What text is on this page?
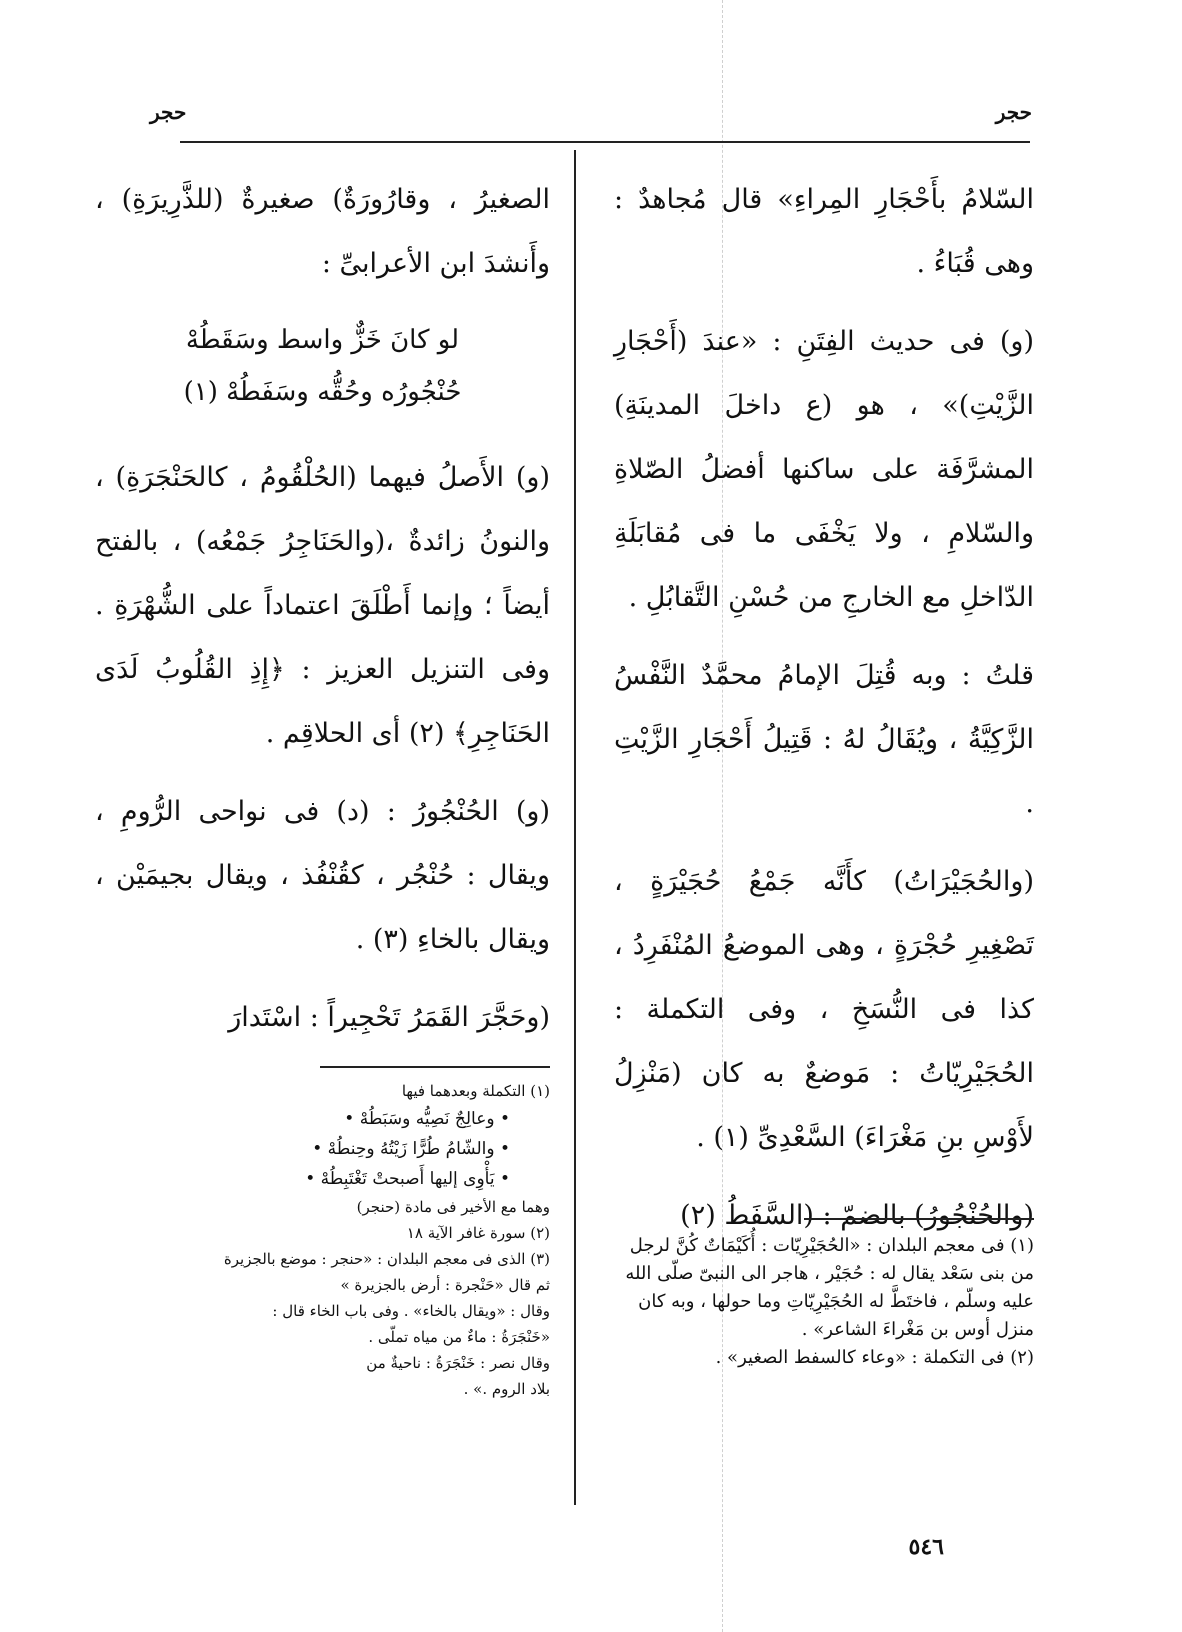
حجر
حجر

السّلامُ بأَحْجَارِ المِراءِ» قال مُجاهدٌ : وهى قُبَاءُ .

(و) فى حديث الفِتَنِ : «عندَ (أَحْجَارِ الزَّيْتِ)» ، هو (ع داخلَ المدينَةِ) المشرَّفَة على ساكنها أفضلُ الصّلاةِ والسّلامِ ، ولا يَخْفَى ما فى مُقابَلَةِ الدّاخلِ مع الخارجِ من حُسْنِ التَّقابُلِ .

قلتُ : وبه قُتِلَ الإمامُ محمَّدٌ النَّفْسُ الزَّكِيَّةُ ، ويُقَالُ لهُ : قَتِيلُ أَحْجَارِ الزَّيْتِ .

(والحُجَيْرَاتُ) كأَنَّه جَمْعُ حُجَيْرَةٍ ، تَصْغِيرِ حُجْرَةٍ ، وهى الموضعُ المُنْفَرِدُ ، كذا فى النُّسَخِ ، وفى التكملة : الحُجَيْرِيّاتُ : مَوضعٌ به كان (مَنْزِلُ لأَوْسِ بنِ مَغْرَاءَ) السَّعْدِىِّ (١) .

(والحُنْجُورُ) بالضمّ : (السَّفَطُ (٢)

(١) فى معجم البلدان : «الحُجَيْرِيّات : أُكَيْمَاتٌ كُنَّ لرجل من بنى سَعْد يقال له : حُجَيْر ، هاجر الى النبىّ صلّى الله عليه وسلّم ، فاختَطَّ له الحُجَيْرِيّاتِ وما حولها ، وبه كان منزل أوس بن مَغْراءَ الشاعر» .

(٢) فى التكملة : «وعاء كالسفط الصغير» .

الصغيرُ ، وقارُورَةٌ) صغيرةٌ (للذَّرِيرَةِ) ، وأَنشدَ ابن الأعرابىِّ :

لو كانَ خَزٌّ واسط وسَقَطُهْ
حُنْجُورُه وحُقُّه وسَفَطُهْ (١)

(و) الأَصلُ فيهما (الحُلْقُومُ ، كالحَنْجَرَةِ) ، والنونُ زائدةٌ ،(والحَنَاجِرُ جَمْعُه) ، بالفتح أيضاً ؛ وإنما أَطْلَقَ اعتماداً على الشُّهْرَةِ . وفى التنزيل العزيز : ﴿إِذِ القُلُوبُ لَدَى الحَنَاجِرِ﴾ (٢) أى الحلاقِم .

(و) الحُنْجُورُ : (د) فى نواحى الرُّومِ ، ويقال : حُنْجُر ، كقُنْفُذ ، ويقال بجيمَيْن ، ويقال بالخاءِ (٣) .

(وحَجَّرَ القَمَرُ تَحْجِيراً : اسْتَدارَ

(١) التكملة وبعدهما فيها

• وعالِجٌ نَصِيُّه وسَبَطُهْ •

• والشّامُ طُرًّا زَيْتُهُ وحِنطُهْ •

• يَأْوِى إليها أَصبحتْ تَغْتَبِطُهْ •

وهما مع الأخير فى مادة (حنجر)

(٢) سورة غافر الآية ١٨

(٣) الذى فى معجم البلدان : «حنجر : موضع بالجزيرة

ثم قال «حَنْجرة : أرض بالجزيرة »

وقال : «ويقال بالخاء» . وفى باب الخاء قال :

«خَنْجَرَةُ : ماءٌ من مياه تملّى .

وقال نصر : خَنْجَرَةُ : ناحيةٌ من

بلاد الروم .» .

٥٤٦
